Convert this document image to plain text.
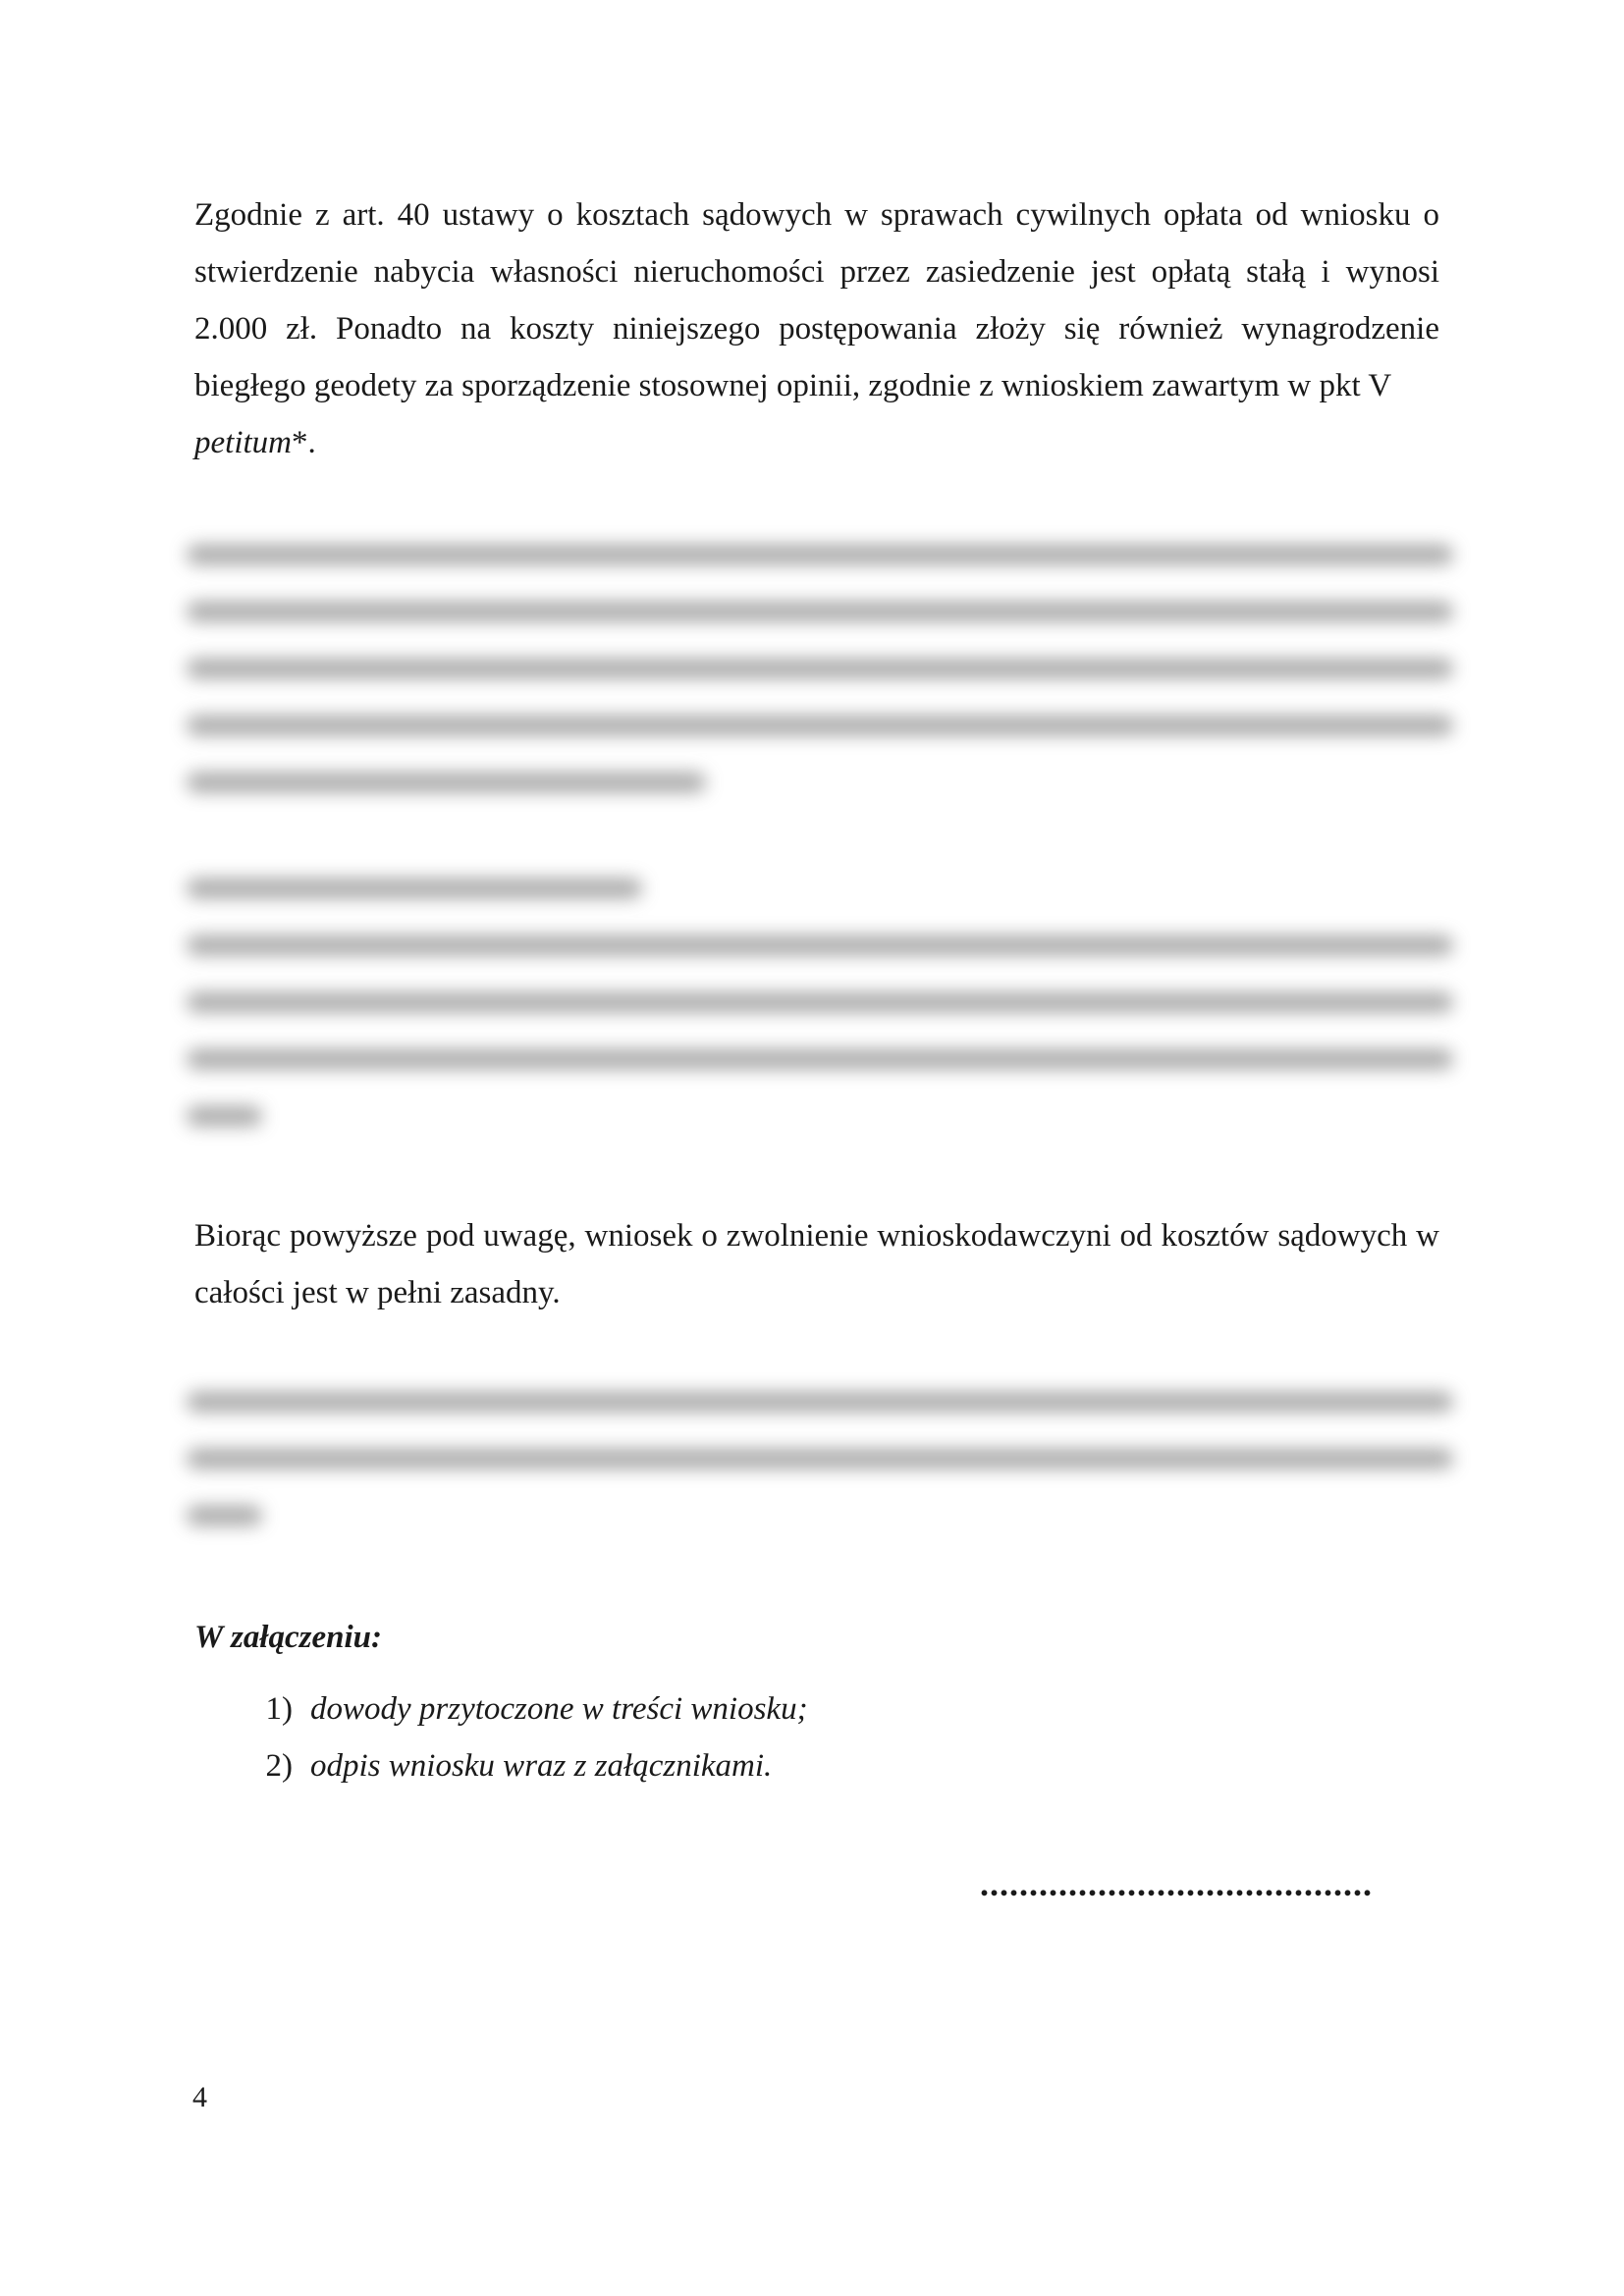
Zgodnie z art. 40 ustawy o kosztach sądowych w sprawach cywilnych opłata od wniosku o stwierdzenie nabycia własności nieruchomości przez zasiedzenie jest opłatą stałą i wynosi 2.000 zł. Ponadto na koszty niniejszego postępowania złoży się również wynagrodzenie biegłego geodety za sporządzenie stosownej opinii, zgodnie z wnioskiem zawartym w pkt V
petitum*.

Biorąc powyższe pod uwagę, wniosek o zwolnienie wnioskodawczyni od kosztów sądowych w całości jest w pełni zasadny.

W załączeniu:

1) dowody przytoczone w treści wniosku;
2) odpis wniosku wraz z załącznikami.
........................................
4
